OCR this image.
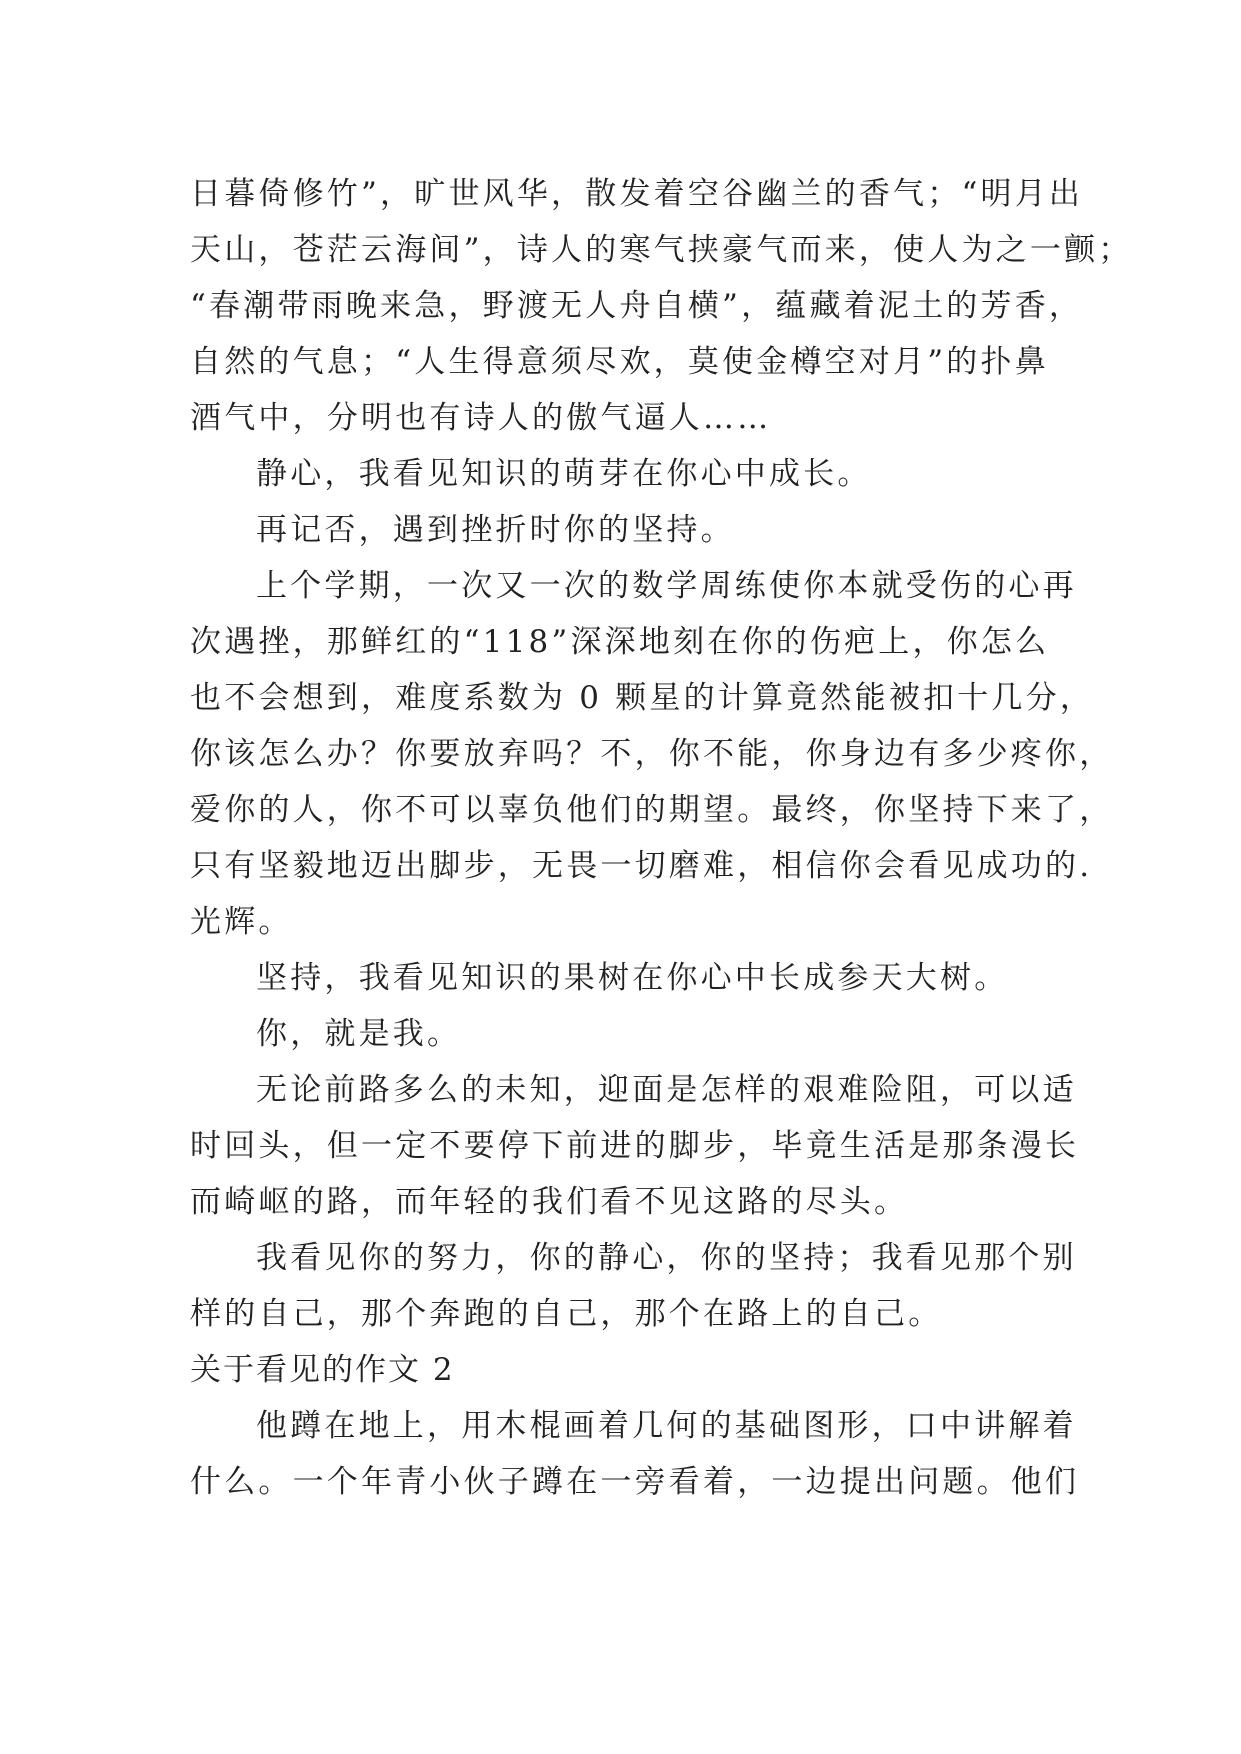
日暮倚修竹”，旷世风华，散发着空谷幽兰的香气；“明月出
天山，苍茫云海间”，诗人的寒气挟豪气而来，使人为之一颤；
“春潮带雨晚来急，野渡无人舟自横”，蕴藏着泥土的芳香，
自然的气息；“人生得意须尽欢，莫使金樽空对月”的扑鼻
酒气中，分明也有诗人的傲气逼人……
静心，我看见知识的萌芽在你心中成长。
再记否，遇到挫折时你的坚持。
上个学期，一次又一次的数学周练使你本就受伤的心再
次遇挫，那鲜红的“118”深深地刻在你的伤疤上，你怎么
也不会想到，难度系数为 0 颗星的计算竟然能被扣十几分，
你该怎么办？你要放弃吗？不，你不能，你身边有多少疼你，
爱你的人，你不可以辜负他们的期望。最终，你坚持下来了，
只有坚毅地迈出脚步，无畏一切磨难，相信你会看见成功的.
光辉。
坚持，我看见知识的果树在你心中长成参天大树。
你，就是我。
无论前路多么的未知，迎面是怎样的艰难险阻，可以适
时回头，但一定不要停下前进的脚步，毕竟生活是那条漫长
而崎岖的路，而年轻的我们看不见这路的尽头。
我看见你的努力，你的静心，你的坚持；我看见那个别
样的自己，那个奔跑的自己，那个在路上的自己。
关于看见的作文 2
他蹲在地上，用木棍画着几何的基础图形，口中讲解着
什么。一个年青小伙子蹲在一旁看着，一边提出问题。他们
